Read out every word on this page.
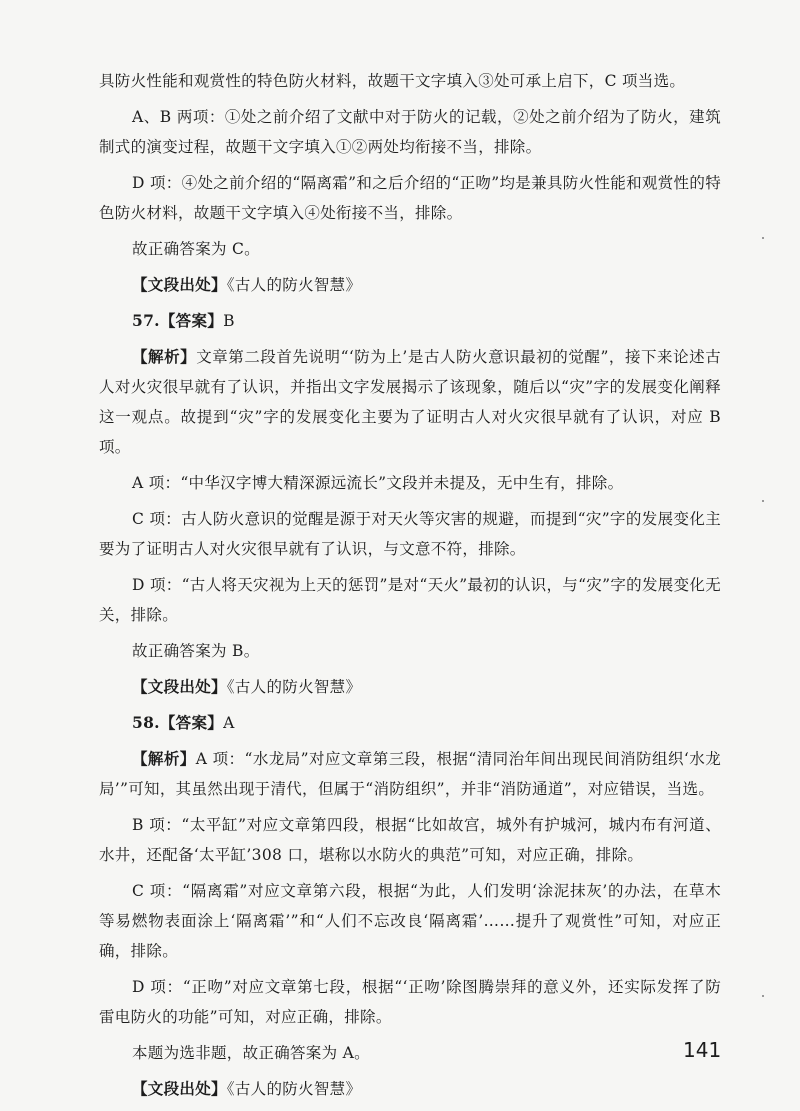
具防火性能和观赏性的特色防火材料，故题干文字填入③处可承上启下，C 项当选。

A、B 两项：①处之前介绍了文献中对于防火的记载，②处之前介绍为了防火，建筑制式的演变过程，故题干文字填入①②两处均衔接不当，排除。

D 项：④处之前介绍的“隔离霜”和之后介绍的“正吻”均是兼具防火性能和观赏性的特色防火材料，故题干文字填入④处衔接不当，排除。

故正确答案为 C。

【文段出处】《古人的防火智慧》

57.【答案】B

【解析】文章第二段首先说明“‘防为上’是古人防火意识最初的觉醒”，接下来论述古人对火灾很早就有了认识，并指出文字发展揭示了该现象，随后以“灾”字的发展变化阐释这一观点。故提到“灾”字的发展变化主要为了证明古人对火灾很早就有了认识，对应 B 项。

A 项：“中华汉字博大精深源远流长”文段并未提及，无中生有，排除。

C 项：古人防火意识的觉醒是源于对天火等灾害的规避，而提到“灾”字的发展变化主要为了证明古人对火灾很早就有了认识，与文意不符，排除。

D 项：“古人将天灾视为上天的惩罚”是对“天火”最初的认识，与“灾”字的发展变化无关，排除。

故正确答案为 B。

【文段出处】《古人的防火智慧》

58.【答案】A

【解析】A 项：“水龙局”对应文章第三段，根据“清同治年间出现民间消防组织‘水龙局’”可知，其虽然出现于清代，但属于“消防组织”，并非“消防通道”，对应错误，当选。

B 项：“太平缸”对应文章第四段，根据“比如故宫，城外有护城河，城内布有河道、水井，还配备‘太平缸’308 口，堪称以水防火的典范”可知，对应正确，排除。

C 项：“隔离霜”对应文章第六段，根据“为此，人们发明‘涂泥抹灰’的办法，在草木等易燃物表面涂上‘隔离霜’”和“人们不忘改良‘隔离霜’……提升了观赏性”可知，对应正确，排除。

D 项：“正吻”对应文章第七段，根据“‘正吻’除图腾崇拜的意义外，还实际发挥了防雷电防火的功能”可知，对应正确，排除。

本题为选非题，故正确答案为 A。

【文段出处】《古人的防火智慧》

141
